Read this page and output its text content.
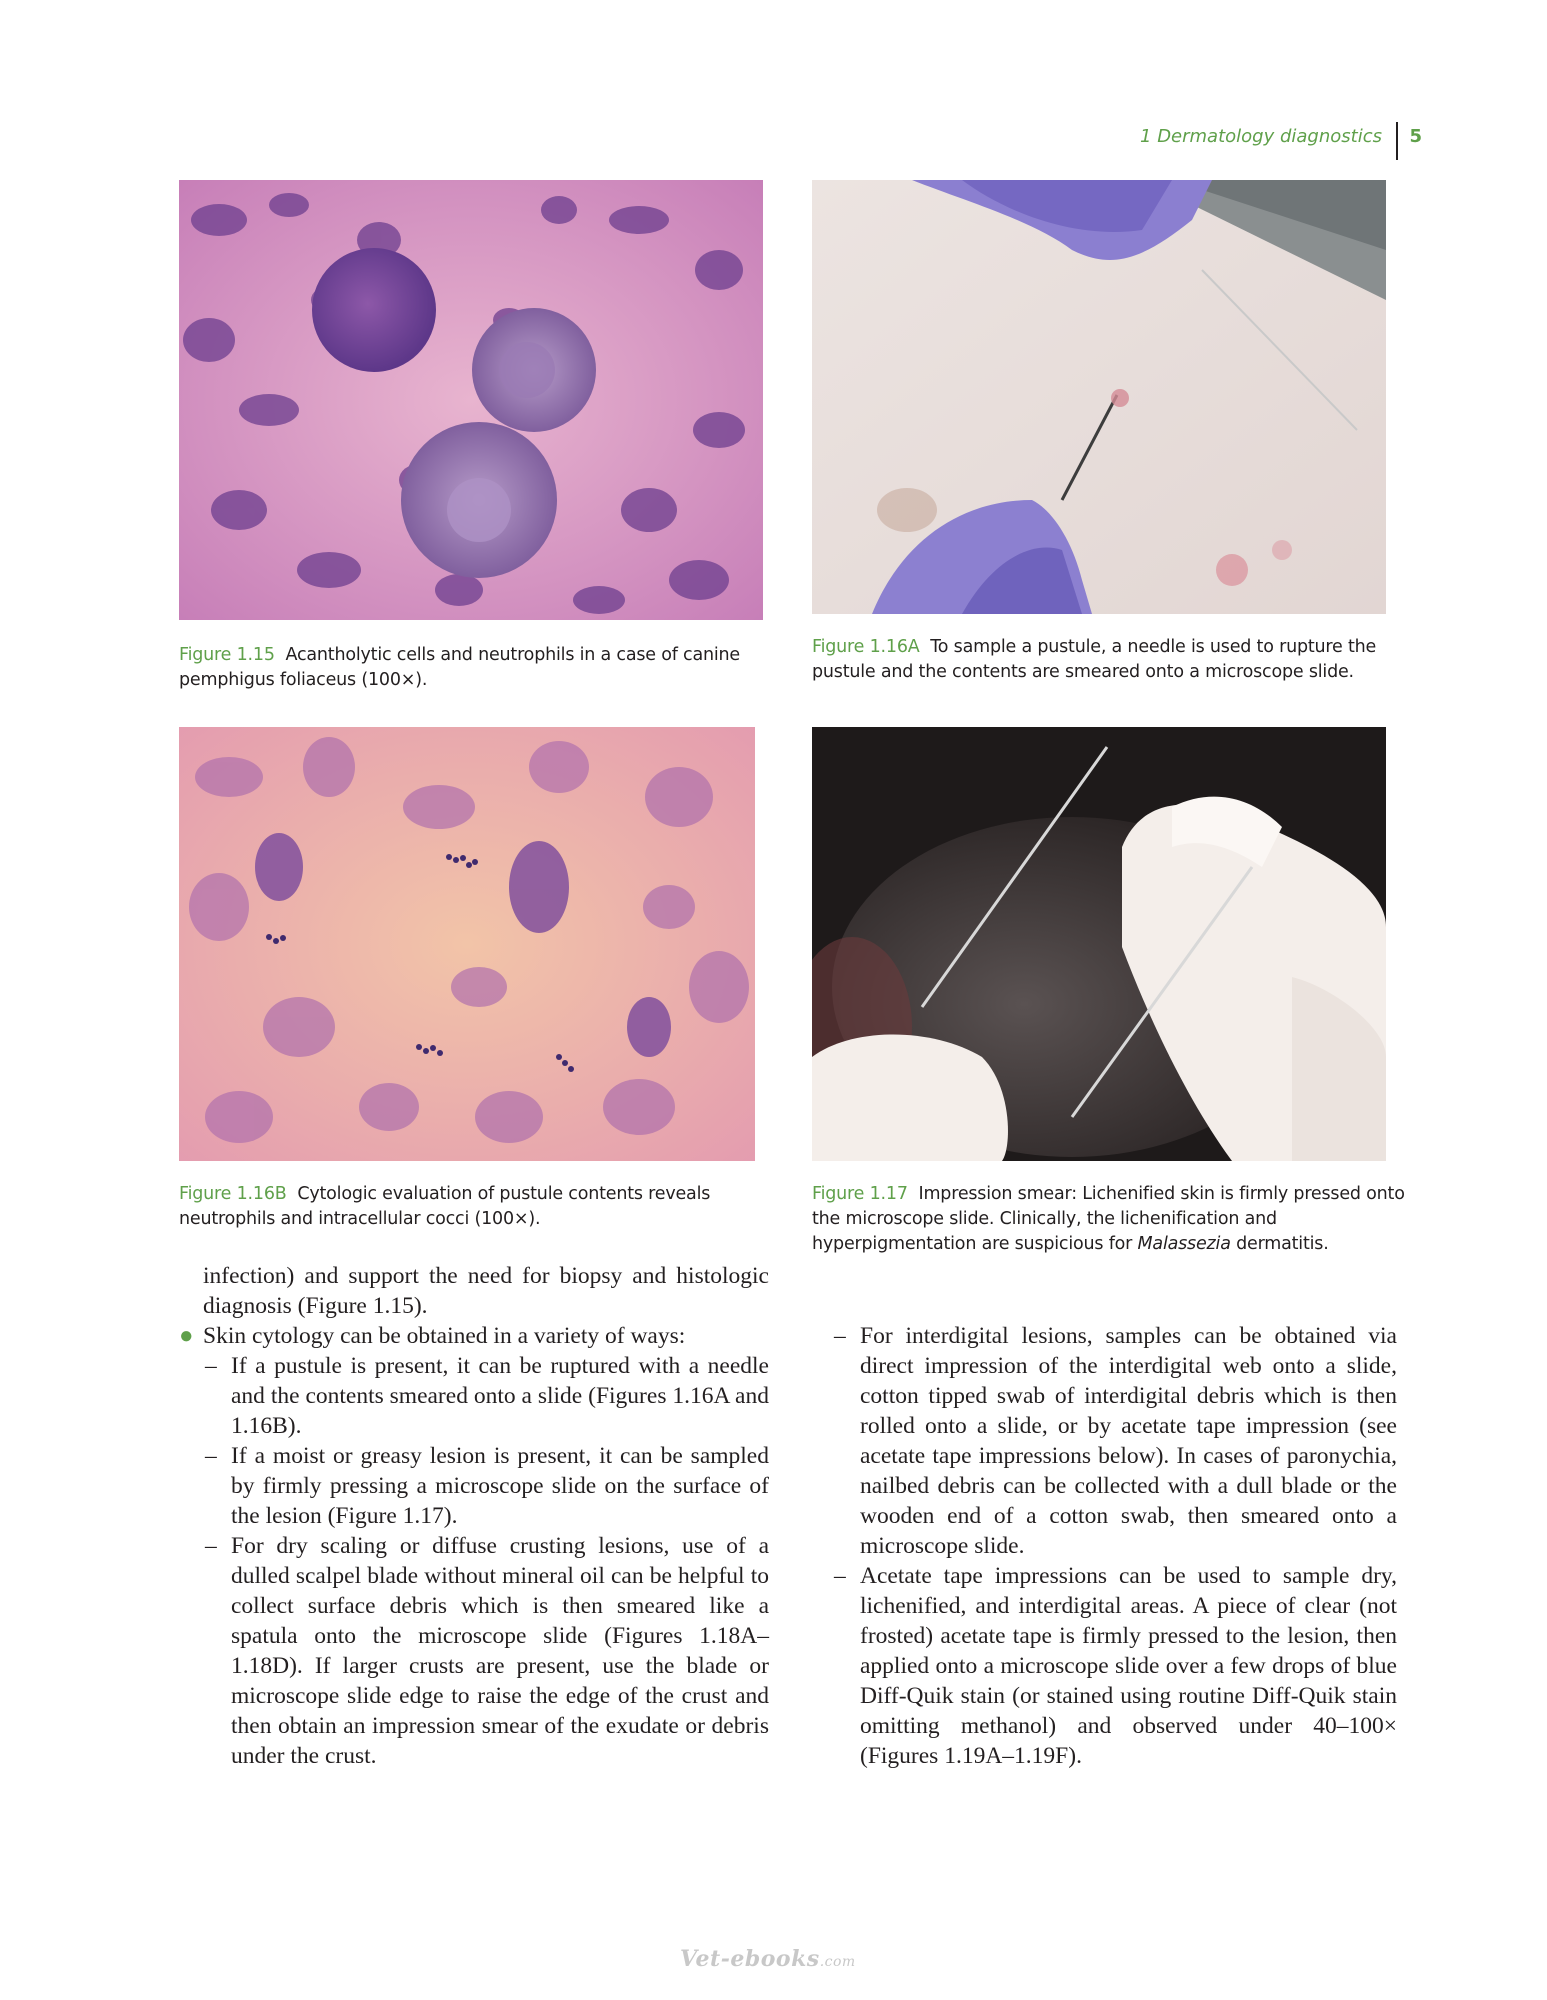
1 Dermatology diagnostics 5
Figure 1.15 Acantholytic cells and neutrophils in a case of canine pemphigus foliaceus (100×).
Figure 1.16A To sample a pustule, a needle is used to rupture the pustule and the contents are smeared onto a microscope slide.
Figure 1.16B Cytologic evaluation of pustule contents reveals neutrophils and intracellular cocci (100×).
Figure 1.17 Impression smear: Lichenified skin is firmly pressed onto the microscope slide. Clinically, the lichenification and hyperpigmentation are suspicious for Malassezia dermatitis.

infection) and support the need for biopsy and histologic diagnosis (Figure 1.15).

● Skin cytology can be obtained in a variety of ways:
– If a pustule is present, it can be ruptured with a needle and the contents smeared onto a slide (Figures 1.16A and 1.16B).
– If a moist or greasy lesion is present, it can be sampled by firmly pressing a microscope slide on the surface of the lesion (Figure 1.17).
– For dry scaling or diffuse crusting lesions, use of a dulled scalpel blade without mineral oil can be helpful to collect surface debris which is then smeared like a spatula onto the microscope slide (Figures 1.18A–1.18D). If larger crusts are present, use the blade or microscope slide edge to raise the edge of the crust and then obtain an impression smear of the exudate or debris under the crust.
– For interdigital lesions, samples can be obtained via direct impression of the interdigital web onto a slide, cotton tipped swab of interdigital debris which is then rolled onto a slide, or by acetate tape impression (see acetate tape impressions below). In cases of paronychia, nailbed debris can be collected with a dull blade or the wooden end of a cotton swab, then smeared onto a microscope slide.
– Acetate tape impressions can be used to sample dry, lichenified, and interdigital areas. A piece of clear (not frosted) acetate tape is firmly pressed to the lesion, then applied onto a microscope slide over a few drops of blue Diff-Quik stain (or stained using routine Diff-Quik stain omitting methanol) and observed under 40–100× (Figures 1.19A–1.19F).
Vet-ebooks.com
